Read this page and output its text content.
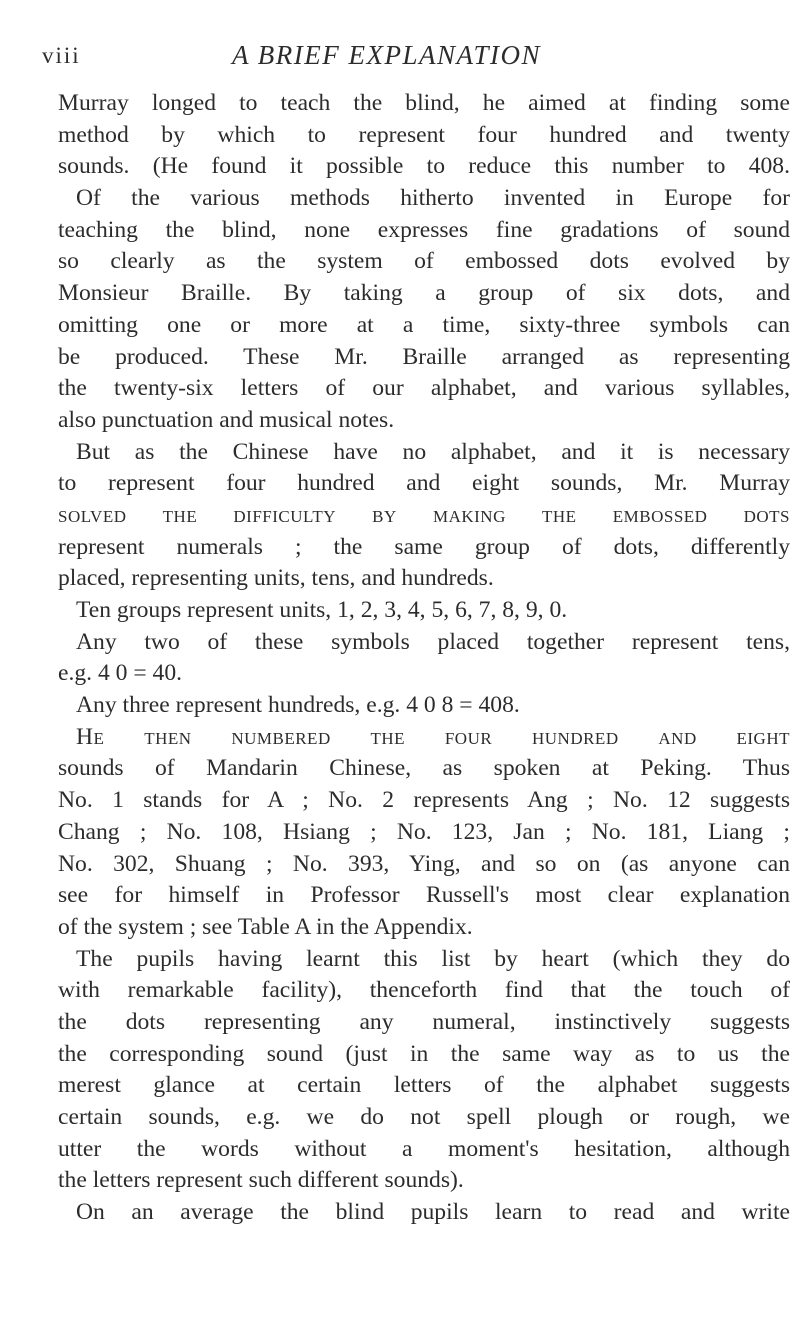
viii	A BRIEF EXPLANATION
Murray longed to teach the blind, he aimed at finding some
method by which to represent four hundred and twenty
sounds. (He found it possible to reduce this number to 408.
Of the various methods hitherto invented in Europe for
teaching the blind, none expresses fine gradations of sound
so clearly as the system of embossed dots evolved by
Monsieur Braille. By taking a group of six dots, and
omitting one or more at a time, sixty-three symbols can
be produced. These Mr. Braille arranged as representing
the twenty-six letters of our alphabet, and various syllables,
also punctuation and musical notes.
But as the Chinese have no alphabet, and it is necessary
to represent four hundred and eight sounds, Mr. Murray
solved the difficulty by making the embossed dots
represent numerals ; the same group of dots, differently
placed, representing units, tens, and hundreds.
Ten groups represent units, 1, 2, 3, 4, 5, 6, 7, 8, 9, 0.
Any two of these symbols placed together represent tens,
e.g. 4 0 = 40.
Any three represent hundreds, e.g. 4 0 8 = 408.
He then numbered the four hundred and eight
sounds of Mandarin Chinese, as spoken at Peking. Thus
No. 1 stands for A ; No. 2 represents Ang ; No. 12 suggests
Chang ; No. 108, Hsiang ; No. 123, Jan ; No. 181, Liang ;
No. 302, Shuang ; No. 393, Ying, and so on (as anyone can
see for himself in Professor Russell's most clear explanation
of the system ; see Table A in the Appendix.
The pupils having learnt this list by heart (which they do
with remarkable facility), thenceforth find that the touch of
the dots representing any numeral, instinctively suggests
the corresponding sound (just in the same way as to us the
merest glance at certain letters of the alphabet suggests
certain sounds, e.g. we do not spell plough or rough, we
utter the words without a moment's hesitation, although
the letters represent such different sounds).
On an average the blind pupils learn to read and write
